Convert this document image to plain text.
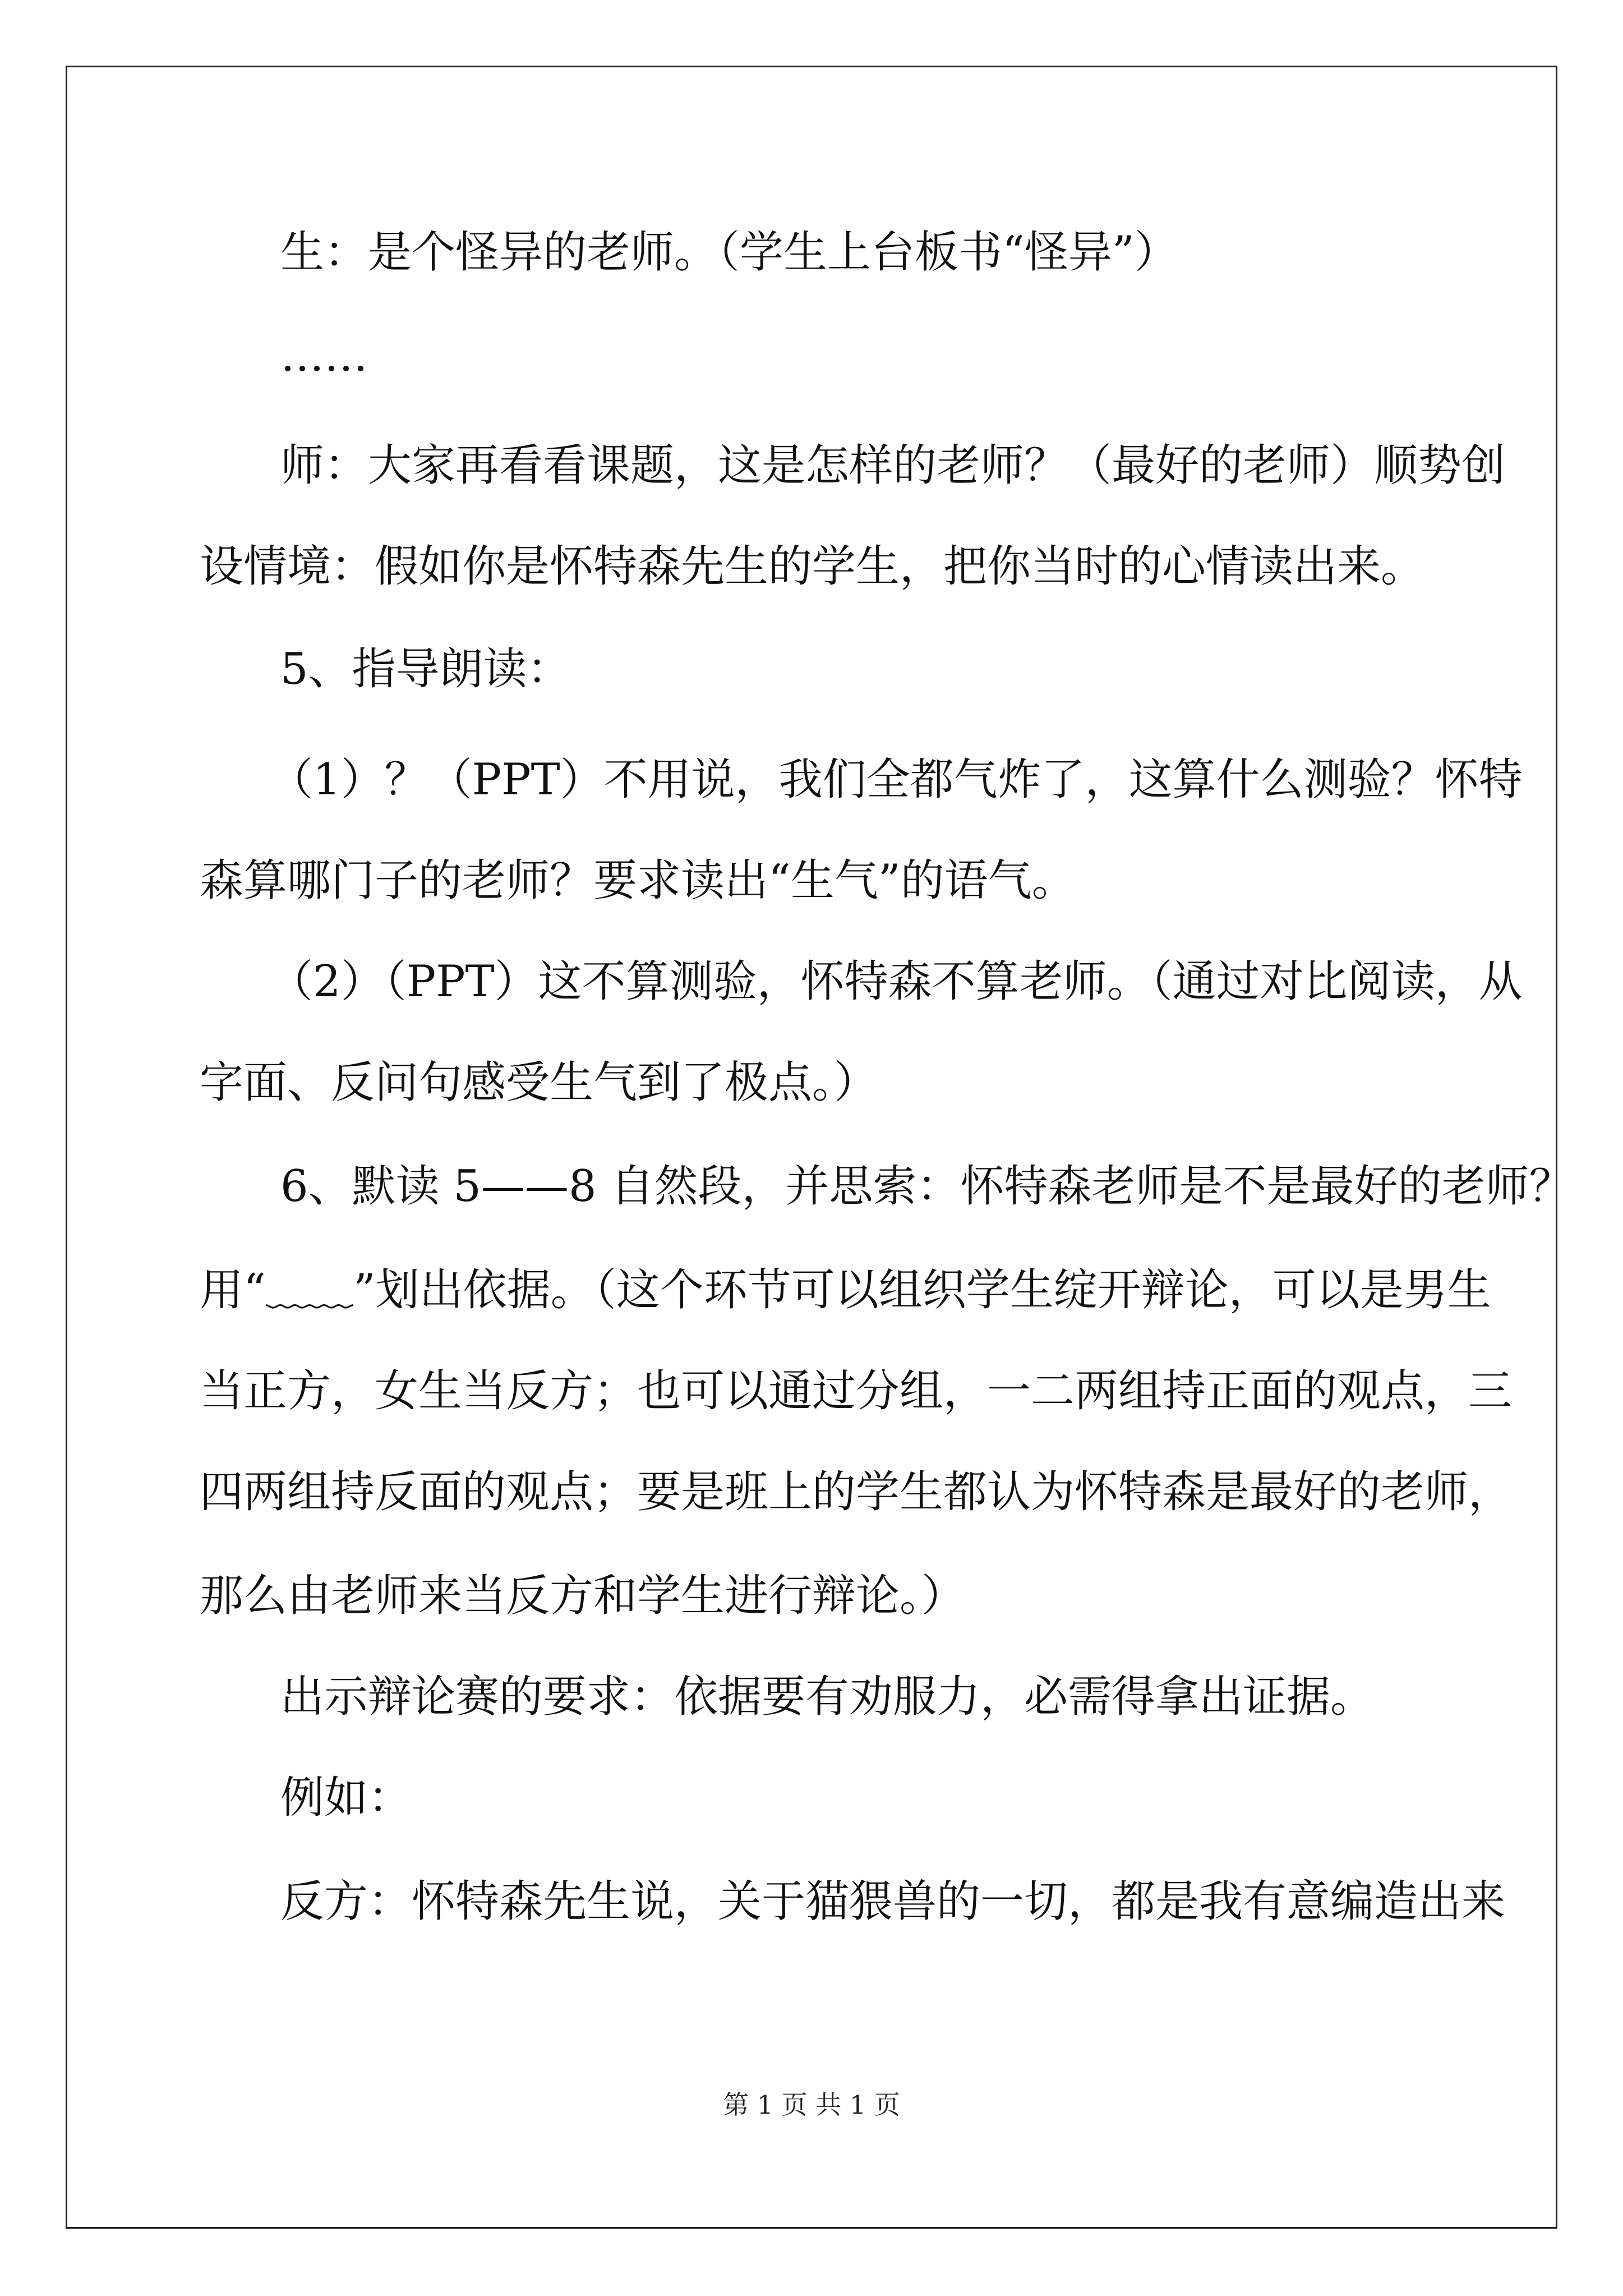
生：是个怪异的老师。（学生上台板书“怪异”）
……
师：大家再看看课题，这是怎样的老师？（最好的老师）顺势创
设情境：假如你是怀特森先生的学生，把你当时的心情读出来。
5、指导朗读：
（1）？（PPT）不用说，我们全都气炸了，这算什么测验？怀特
森算哪门子的老师？要求读出“生气”的语气。
（2）（PPT）这不算测验，怀特森不算老师。（通过对比阅读，从
字面、反问句感受生气到了极点。）
6、默读 5——8 自然段，并思索：怀特森老师是不是最好的老师？
用“﹏﹏”划出依据。（这个环节可以组织学生绽开辩论，可以是男生
当正方，女生当反方；也可以通过分组，一二两组持正面的观点，三
四两组持反面的观点；要是班上的学生都认为怀特森是最好的老师，
那么由老师来当反方和学生进行辩论。）
出示辩论赛的要求：依据要有劝服力，必需得拿出证据。
例如：
反方：怀特森先生说，关于猫猥兽的一切，都是我有意编造出来
第 1 页 共 1 页
